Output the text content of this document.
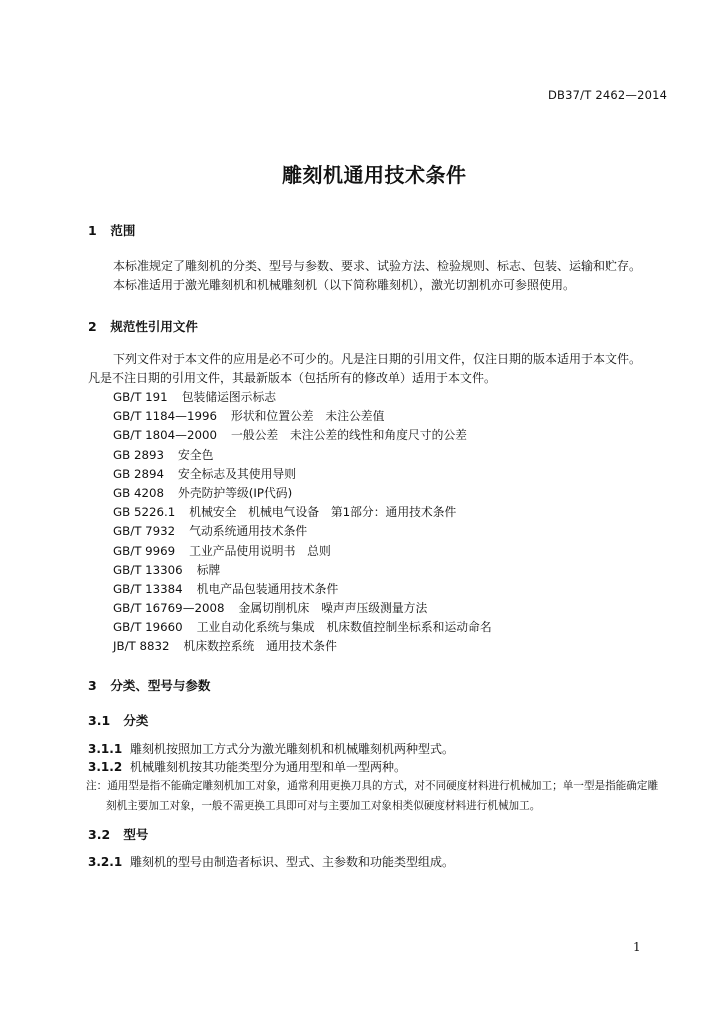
DB37/T 2462—2014
雕刻机通用技术条件
1 范围
本标准规定了雕刻机的分类、型号与参数、要求、试验方法、检验规则、标志、包装、运输和贮存。
本标准适用于激光雕刻机和机械雕刻机（以下简称雕刻机），激光切割机亦可参照使用。
2 规范性引用文件
下列文件对于本文件的应用是必不可少的。凡是注日期的引用文件，仅注日期的版本适用于本文件。
凡是不注日期的引用文件，其最新版本（包括所有的修改单）适用于本文件。
GB/T 191 包装储运图示标志
GB/T 1184—1996 形状和位置公差　未注公差值
GB/T 1804—2000 一般公差　未注公差的线性和角度尺寸的公差
GB 2893 安全色
GB 2894 安全标志及其使用导则
GB 4208 外壳防护等级(IP代码)
GB 5226.1 机械安全　机械电气设备　第1部分：通用技术条件
GB/T 7932 气动系统通用技术条件
GB/T 9969 工业产品使用说明书　总则
GB/T 13306 标牌
GB/T 13384 机电产品包装通用技术条件
GB/T 16769—2008 金属切削机床　噪声声压级测量方法
GB/T 19660 工业自动化系统与集成　机床数值控制坐标系和运动命名
JB/T 8832 机床数控系统　通用技术条件
3 分类、型号与参数
3.1 分类
3.1.1 雕刻机按照加工方式分为激光雕刻机和机械雕刻机两种型式。
3.1.2 机械雕刻机按其功能类型分为通用型和单一型两种。
注：通用型是指不能确定雕刻机加工对象，通常利用更换刀具的方式，对不同硬度材料进行机械加工；单一型是指能确定雕刻机主要加工对象，一般不需更换工具即可对与主要加工对象相类似硬度材料进行机械加工。
3.2 型号
3.2.1 雕刻机的型号由制造者标识、型式、主参数和功能类型组成。
1
